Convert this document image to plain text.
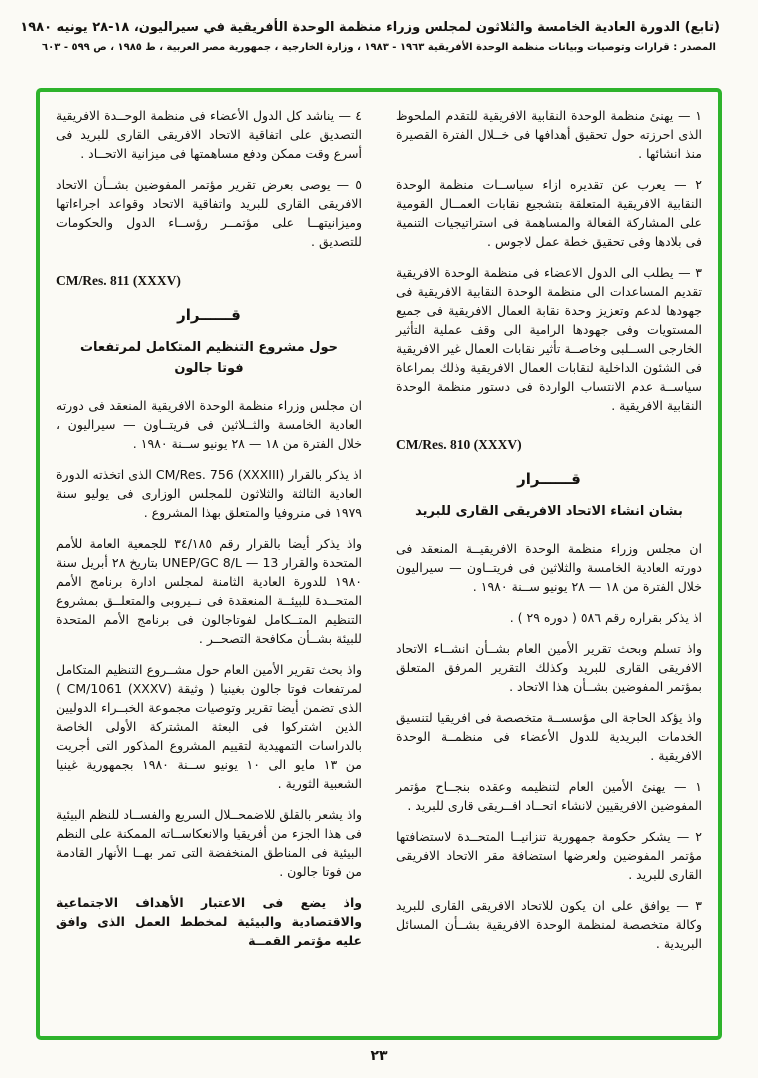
(تابع) الدورة العادية الخامسة والثلاثون لمجلس وزراء منظمة الوحدة الأفريقية في سيراليون، ١٨-٢٨ يونيه ١٩٨٠
المصدر : قرارات وتوصيات وبيانات منظمة الوحدة الأفريقية ١٩٦٣ - ١٩٨٣ ، وزارة الخارجية ، جمهورية مصر العربية ، ط ١٩٨٥ ، ص ٥٩٩ - ٦٠٣

١ — يهنئ منظمة الوحدة النقابية الافريقية للتقدم الملحوظ الذى احرزته حول تحقيق أهدافها فى خــلال الفترة القصيرة منذ انشائها .

٢ — يعرب عن تقديره ازاء سياســات منظمة الوحدة النقابية الافريقية المتعلقة بتشجيع نقابات العمــال القومية على المشاركة الفعالة والمساهمة فى استراتيجيات التنمية فى بلادها وفى تحقيق خطة عمل لاجوس .

٣ — يطلب الى الدول الاعضاء فى منظمة الوحدة الافريقية تقديم المساعدات الى منظمة الوحدة النقابية الافريقية فى جهودها لدعم وتعزيز وحدة نقابة العمال الافريقية فى جميع المستويات وفى جهودها الرامية الى وقف عملية التأثير الخارجى الســلبى وخاصــة تأثير نقابات العمال غير الافريقية فى الشئون الداخلية لنقابات العمال الافريقية وذلك بمراعاة سياســة عدم الانتساب الواردة فى دستور منظمة الوحدة النقابية الافريقية .

CM/Res. 810 (XXXV)

قــــــرار

بشان انشاء الاتحاد الافريقى القارى للبريد

ان مجلس وزراء منظمة الوحدة الافريقيــة المنعقد فى دورته العادية الخامسة والثلاثين فى فريتــاون — سيراليون خلال الفترة من ١٨ — ٢٨ يونيو ســنة ١٩٨٠ .

اذ يذكر بقراره رقم ٥٨٦ ( دوره ٢٩ ) .

واذ تسلم وبحث تقرير الأمين العام بشــأن انشــاء الاتحاد الافريقى القارى للبريد وكذلك التقرير المرفق المتعلق بمؤتمر المفوضين بشــأن هذا الاتحاد .

واذ يؤكد الحاجة الى مؤسســة متخصصة فى افريقيا لتنسيق الخدمات البريدية للدول الأعضاء فى منظمــة الوحدة الافريقية .

١ — يهنئ الأمين العام لتنظيمه وعقده بنجــاح مؤتمر المفوضين الافريقيين لانشاء اتحــاد افــريقى قارى للبريد .

٢ — يشكر حكومة جمهورية تنزانيــا المتحــدة لاستضافتها مؤتمر المفوضين ولعرضها استضافة مقر الاتحاد الافريقى القارى للبريد .

٣ — يوافق على ان يكون للاتحاد الافريقى القارى للبريد وكالة متخصصة لمنظمة الوحدة الافريقية بشــأن المسائل البريدية .

٤ — يناشد كل الدول الأعضاء فى منظمة الوحــدة الافريقية التصديق على اتفاقية الاتحاد الافريقى القارى للبريد فى أسرع وقت ممكن ودفع مساهمتها فى ميزانية الاتحــاد .

٥ — يوصى بعرض تقرير مؤتمر المفوضين بشــأن الاتحاد الافريقى القارى للبريد واتفاقية الاتحاد وقواعد اجراءاتها وميزانيتهــا على مؤتمــر رؤســاء الدول والحكومات للتصديق .

CM/Res. 811 (XXXV)

قــــــرار

حول مشروع التنظيم المتكامل لمرتفعات فوتا جالون

ان مجلس وزراء منظمة الوحدة الافريقية المنعقد فى دورته العادية الخامسة والثــلاثين فى فريتــاون — سيراليون ، خلال الفترة من ١٨ — ٢٨ يونيو ســنة ١٩٨٠ .

اذ يذكر بالقرار CM/Res. 756 (XXXIII) الذى اتخذته الدورة العادية الثالثة والثلاثون للمجلس الوزارى فى يوليو سنة ١٩٧٩ فى منروفيا والمتعلق بهذا المشروع .

واذ يذكر أيضا بالقرار رقم ٣٤/١٨٥ للجمعية العامة للأمم المتحدة والقرار UNEP/GC 8/L — 13 بتاريخ ٢٨ أبريل سنة ١٩٨٠ للدورة العادية الثامنة لمجلس ادارة برنامج الأمم المتحــدة للبيئــة المنعقدة فى نــيروبى والمتعلــق بمشروع التنظيم المتــكامل لفوتاجالون فى برنامج الأمم المتحدة للبيئة بشــأن مكافحة التصحــر .

واذ بحث تقرير الأمين العام حول مشــروع التنظيم المتكامل لمرتفعات فوتا جالون بغينيا ( وثيقة CM/1061 (XXXV) ) الذى تضمن أيضا تقرير وتوصيات مجموعة الخبــراء الدوليين الذين اشتركوا فى البعثة المشتركة الأولى الخاصة بالدراسات التمهيدية لتقييم المشروع المذكور التى أجريت من ١٣ مايو الى ١٠ يونيو ســنة ١٩٨٠ بجمهورية غينيا الشعبية الثورية .

واذ يشعر بالقلق للاضمحــلال السريع والفســاد للنظم البيئية فى هذا الجزء من أفريقيا والانعكاســاته الممكنة على النظم البيئية فى المناطق المنخفضة التى تمر بهــا الأنهار القادمة من فوتا جالون .

واذ يضع فى الاعتبار الأهداف الاجتماعية والاقتصادية والبيئية لمخطط العمل الذى وافق عليه مؤتمر القمــة

٢٣
